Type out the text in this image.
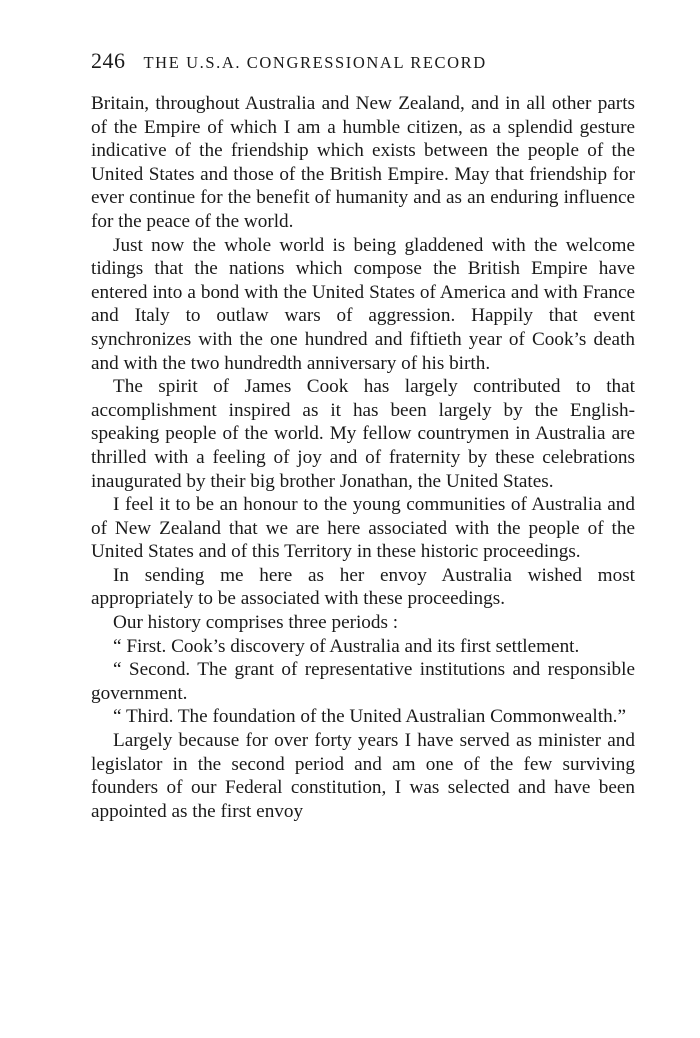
246 THE U.S.A. CONGRESSIONAL RECORD

Britain, throughout Australia and New Zealand, and in all other parts of the Empire of which I am a humble citizen, as a splendid gesture indicative of the friendship which exists between the people of the United States and those of the British Empire. May that friendship for ever continue for the benefit of humanity and as an enduring influence for the peace of the world.

Just now the whole world is being gladdened with the welcome tidings that the nations which compose the British Empire have entered into a bond with the United States of America and with France and Italy to outlaw wars of aggression. Happily that event synchronizes with the one hundred and fiftieth year of Cook’s death and with the two hundredth anniversary of his birth.

The spirit of James Cook has largely contributed to that accomplishment inspired as it has been largely by the English-speaking people of the world. My fellow countrymen in Australia are thrilled with a feeling of joy and of fraternity by these celebrations inaugurated by their big brother Jonathan, the United States.

I feel it to be an honour to the young communities of Australia and of New Zealand that we are here associated with the people of the United States and of this Territory in these historic proceedings.

In sending me here as her envoy Australia wished most appropriately to be associated with these proceedings.

Our history comprises three periods :

“ First. Cook’s discovery of Australia and its first settlement.

“ Second. The grant of representative institutions and responsible government.

“ Third. The foundation of the United Australian Commonwealth.”

Largely because for over forty years I have served as minister and legislator in the second period and am one of the few surviving founders of our Federal constitution, I was selected and have been appointed as the first envoy
